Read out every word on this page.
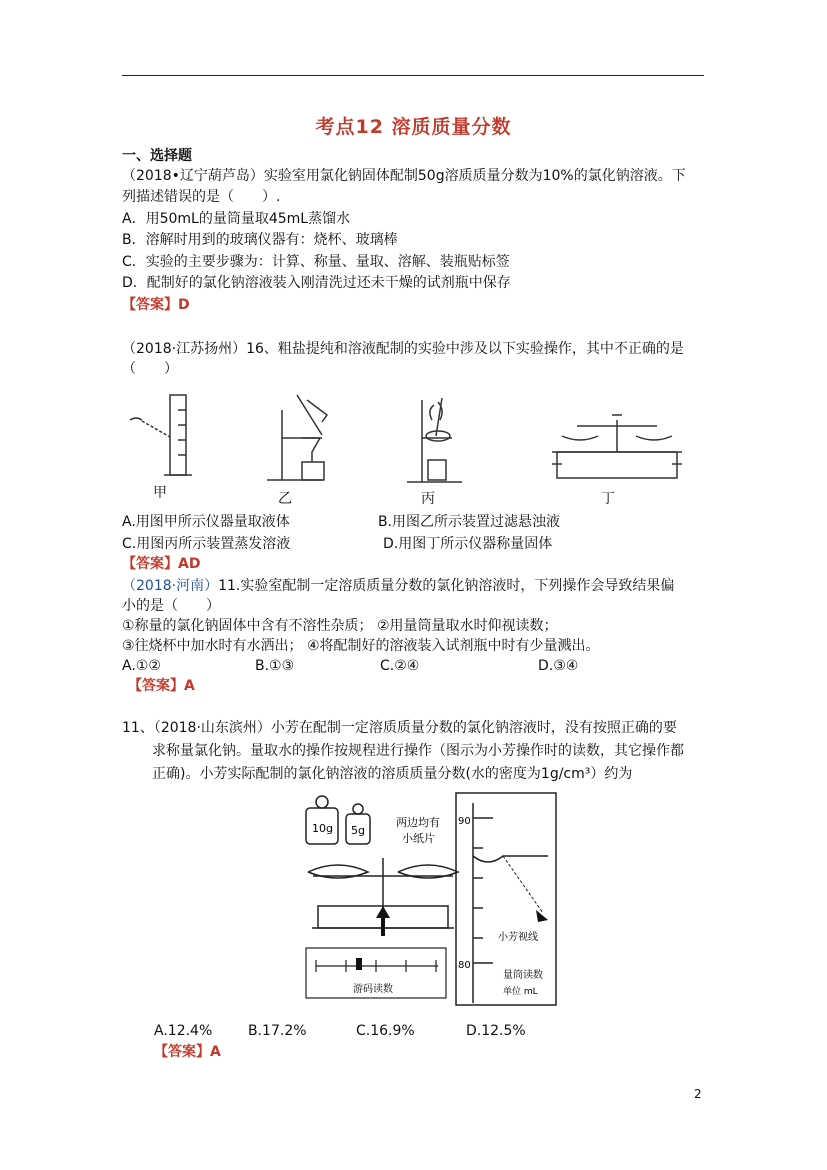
考点12 溶质质量分数
一、选择题
（2018•辽宁葫芦岛）实验室用氯化钠固体配制50g溶质质量分数为10%的氯化钠溶液。下
列描述错误的是（　　）.
A．用50mL的量筒量取45mL蒸馏水
B．溶解时用到的玻璃仪器有：烧杯、玻璃棒
C．实验的主要步骤为：计算、称量、量取、溶解、装瓶贴标签
D．配制好的氯化钠溶液装入刚清洗过还未干燥的试剂瓶中保存
【答案】D
（2018·江苏扬州）16、粗盐提纯和溶液配制的实验中涉及以下实验操作，其中不正确的是
（　　）
甲	乙	丙	丁
A.用图甲所示仪器量取液体	B.用图乙所示装置过滤悬浊液
C.用图丙所示装置蒸发溶液	D.用图丁所示仪器称量固体
【答案】AD
（2018·河南）11.实验室配制一定溶质质量分数的氯化钠溶液时，下列操作会导致结果偏
小的是（　　）
①称量的氯化钠固体中含有不溶性杂质； ②用量筒量取水时仰视读数；
③往烧杯中加水时有水洒出； ④将配制好的溶液装入试剂瓶中时有少量溅出。
A.①②	B.①③	C.②④	D.③④
【答案】A
11、（2018·山东滨州）小芳在配制一定溶质质量分数的氯化钠溶液时，没有按照正确的要
求称量氯化钠。量取水的操作按规程进行操作（图示为小芳操作时的读数，其它操作都
正确)。小芳实际配制的氯化钠溶液的溶质质量分数(水的密度为1g/cm³）约为
10g 5g
两边均有
小纸片
游码读数
90
80
小芳视线
量筒读数
单位 mL
A.12.4%	B.17.2%	C.16.9%	D.12.5%
【答案】A
2
